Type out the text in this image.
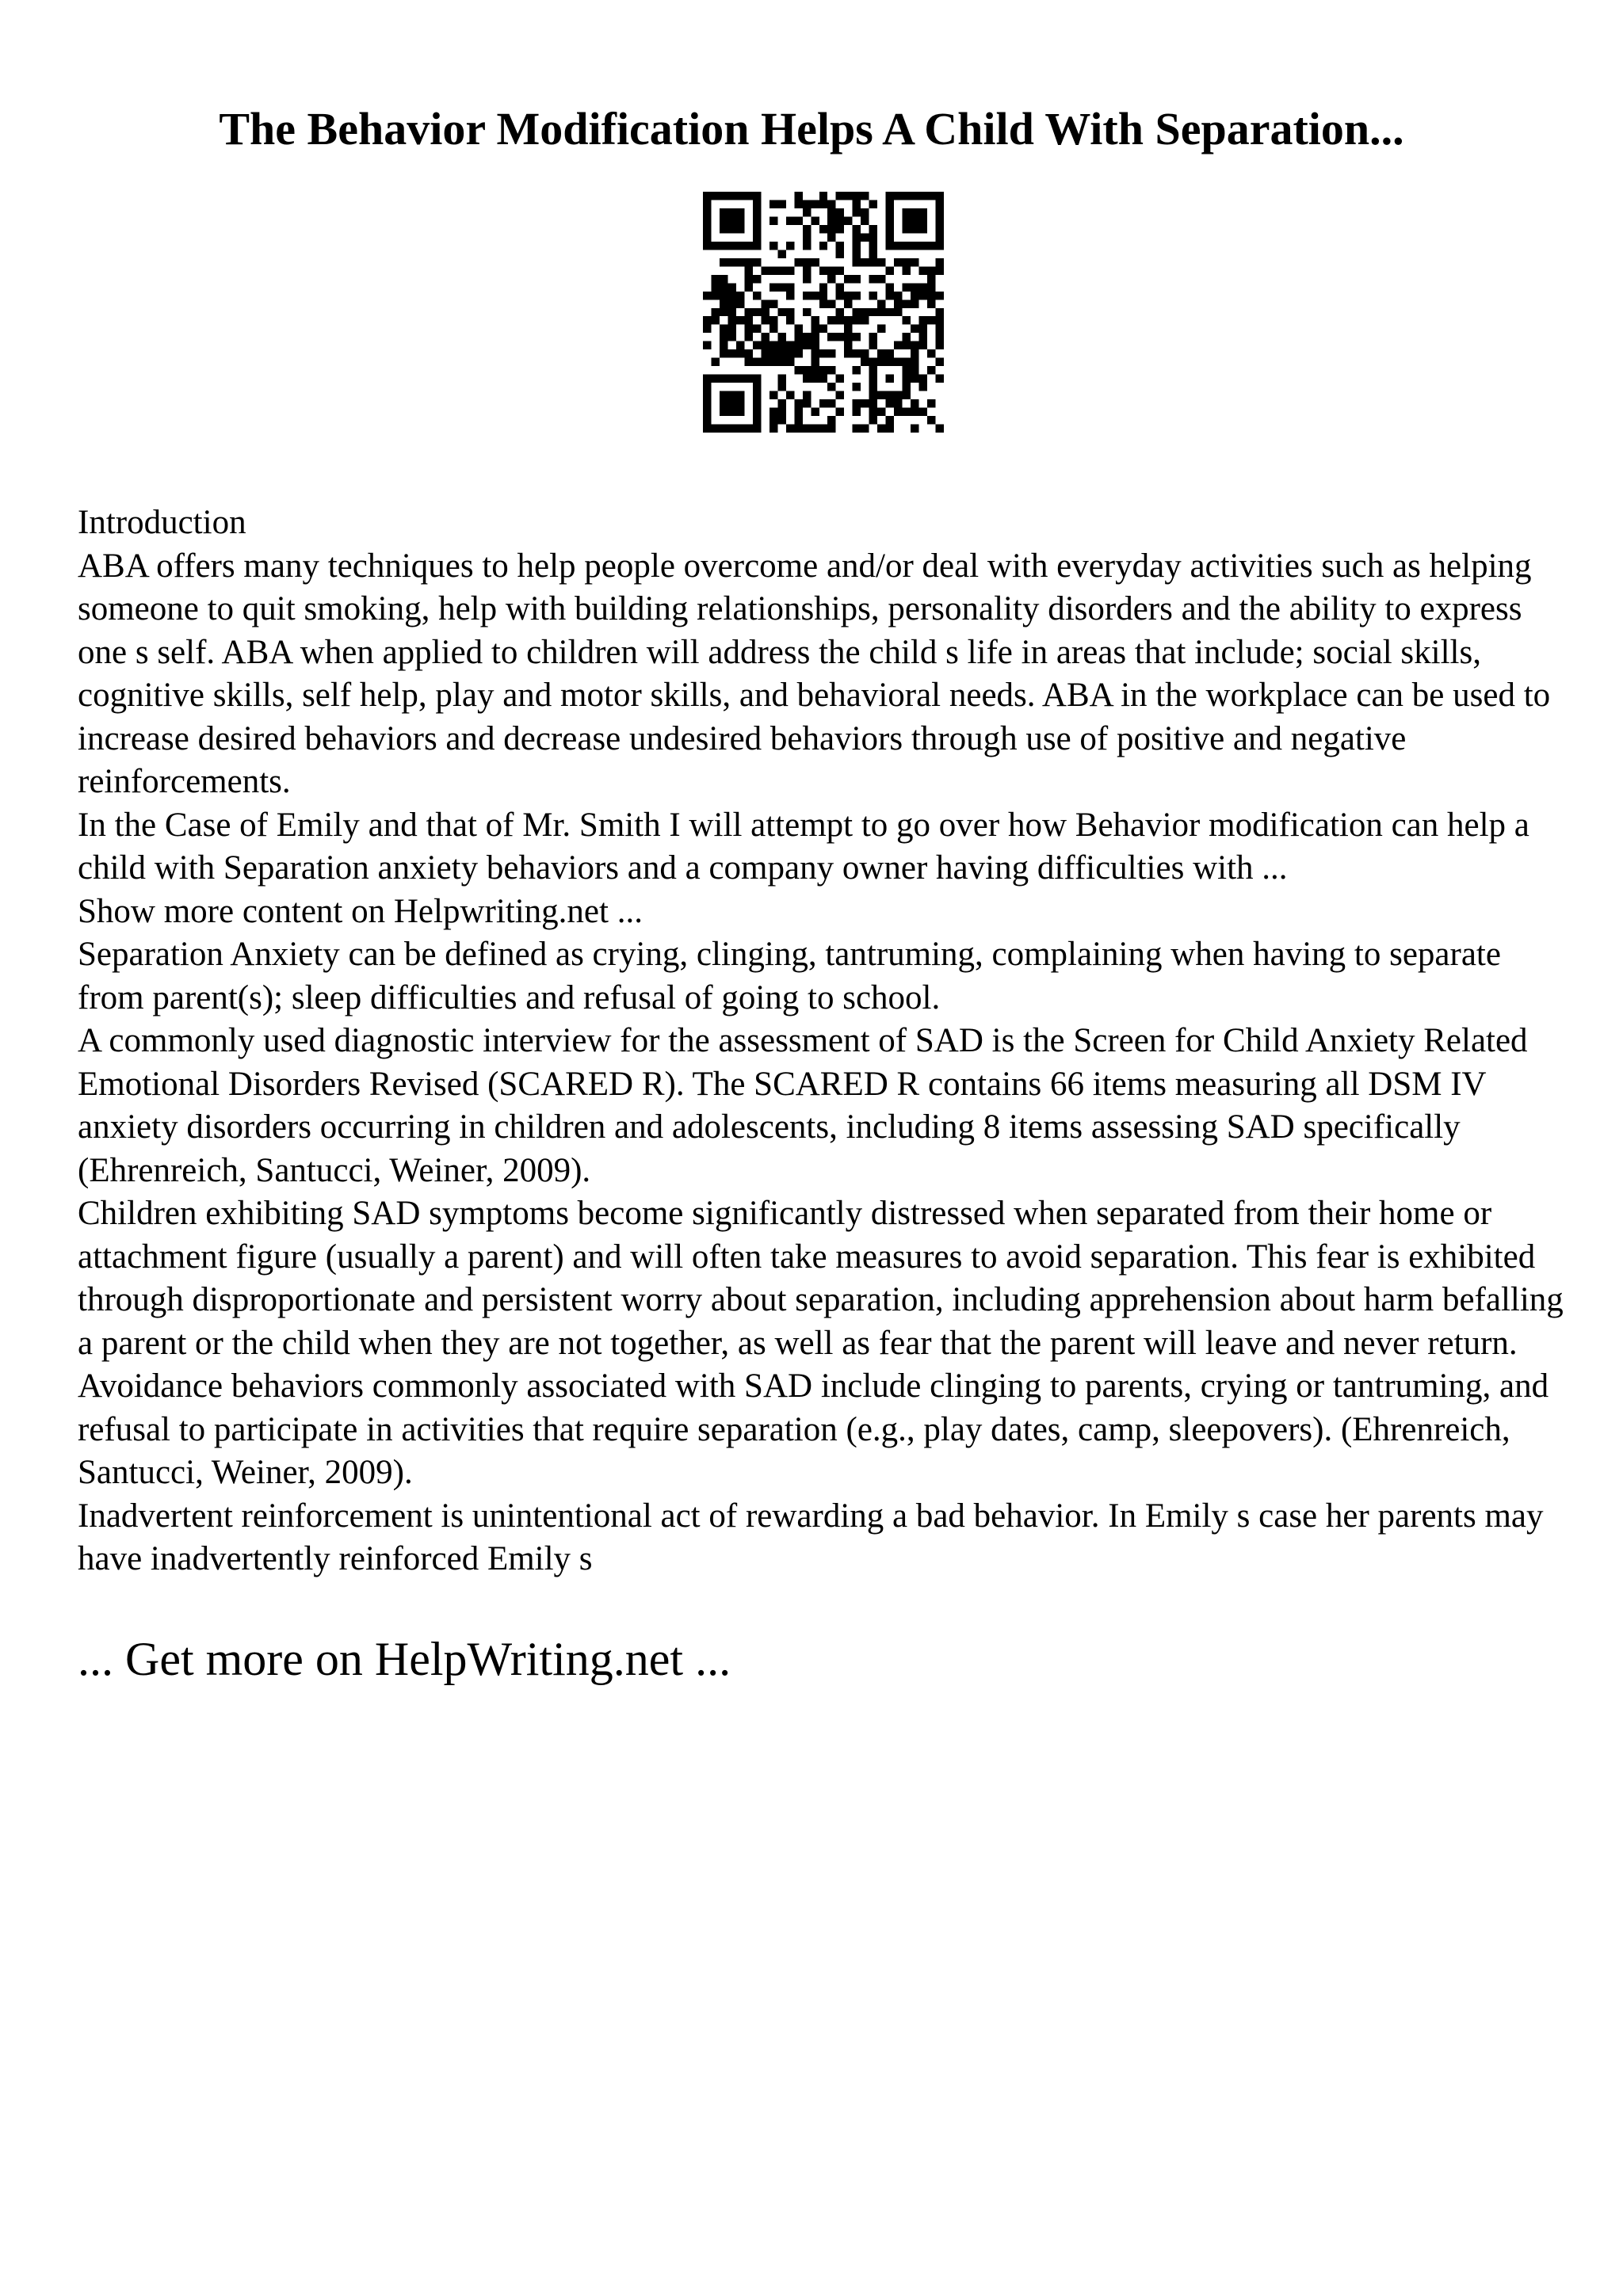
The Behavior Modification Helps A Child With Separation...

Introduction

ABA offers many techniques to help people overcome and/or deal with everyday activities such as helping someone to quit smoking, help with building relationships, personality disorders and the ability to express one s self. ABA when applied to children will address the child s life in areas that include; social skills, cognitive skills, self help, play and motor skills, and behavioral needs. ABA in the workplace can be used to increase desired behaviors and decrease undesired behaviors through use of positive and negative reinforcements.

In the Case of Emily and that of Mr. Smith I will attempt to go over how Behavior modification can help a child with Separation anxiety behaviors and a company owner having difficulties with ...

Show more content on Helpwriting.net ...

Separation Anxiety can be defined as crying, clinging, tantruming, complaining when having to separate from parent(s); sleep difficulties and refusal of going to school.

A commonly used diagnostic interview for the assessment of SAD is the Screen for Child Anxiety Related Emotional Disorders Revised (SCARED R). The SCARED R contains 66 items measuring all DSM IV anxiety disorders occurring in children and adolescents, including 8 items assessing SAD specifically (Ehrenreich, Santucci, Weiner, 2009).

Children exhibiting SAD symptoms become significantly distressed when separated from their home or attachment figure (usually a parent) and will often take measures to avoid separation. This fear is exhibited through disproportionate and persistent worry about separation, including apprehension about harm befalling a parent or the child when they are not together, as well as fear that the parent will leave and never return. Avoidance behaviors commonly associated with SAD include clinging to parents, crying or tantruming, and refusal to participate in activities that require separation (e.g., play dates, camp, sleepovers). (Ehrenreich, Santucci, Weiner, 2009).

Inadvertent reinforcement is unintentional act of rewarding a bad behavior. In Emily s case her parents may have inadvertently reinforced Emily s

... Get more on HelpWriting.net ...
